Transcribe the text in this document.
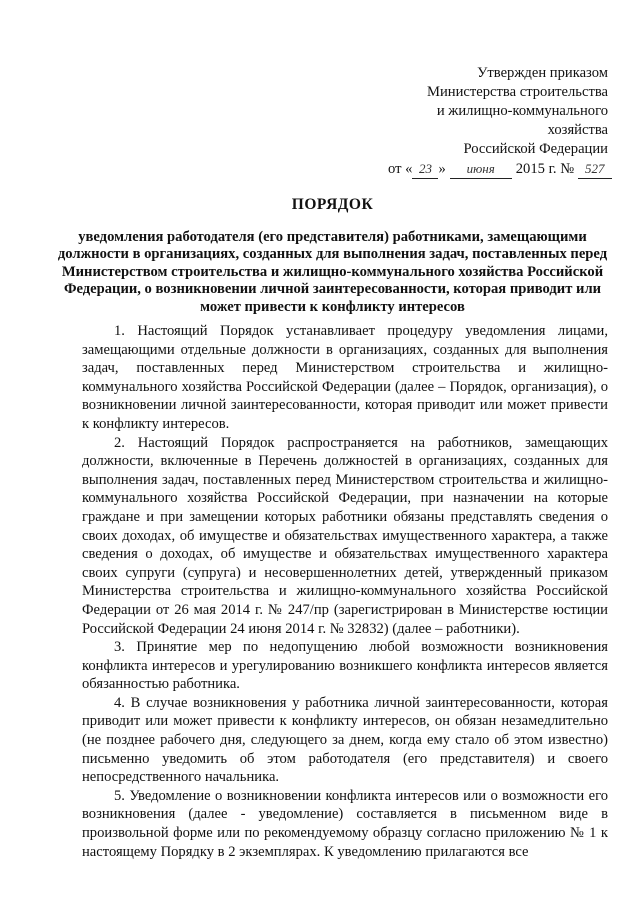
Утвержден приказом
Министерства строительства
и жилищно-коммунального
хозяйства
Российской Федерации
от « 23 » июня 2015 г. № 527
ПОРЯДОК
уведомления работодателя (его представителя) работниками, замещающими должности в организациях, созданных для выполнения задач, поставленных перед Министерством строительства и жилищно-коммунального хозяйства Российской Федерации, о возникновении личной заинтересованности, которая приводит или может привести к конфликту интересов

1. Настоящий Порядок устанавливает процедуру уведомления лицами, замещающими отдельные должности в организациях, созданных для выполнения задач, поставленных перед Министерством строительства и жилищно-коммунального хозяйства Российской Федерации (далее – Порядок, организация), о возникновении личной заинтересованности, которая приводит или может привести к конфликту интересов.

2. Настоящий Порядок распространяется на работников, замещающих должности, включенные в Перечень должностей в организациях, созданных для выполнения задач, поставленных перед Министерством строительства и жилищно-коммунального хозяйства Российской Федерации, при назначении на которые граждане и при замещении которых работники обязаны представлять сведения о своих доходах, об имуществе и обязательствах имущественного характера, а также сведения о доходах, об имуществе и обязательствах имущественного характера своих супруги (супруга) и несовершеннолетних детей, утвержденный приказом Министерства строительства и жилищно-коммунального хозяйства Российской Федерации от 26 мая 2014 г. № 247/пр (зарегистрирован в Министерстве юстиции Российской Федерации 24 июня 2014 г. № 32832) (далее – работники).

3. Принятие мер по недопущению любой возможности возникновения конфликта интересов и урегулированию возникшего конфликта интересов является обязанностью работника.

4. В случае возникновения у работника личной заинтересованности, которая приводит или может привести к конфликту интересов, он обязан незамедлительно (не позднее рабочего дня, следующего за днем, когда ему стало об этом известно) письменно уведомить об этом работодателя (его представителя) и своего непосредственного начальника.

5. Уведомление о возникновении конфликта интересов или о возможности его возникновения (далее - уведомление) составляется в письменном виде в произвольной форме или по рекомендуемому образцу согласно приложению № 1 к настоящему Порядку в 2 экземплярах. К уведомлению прилагаются все
